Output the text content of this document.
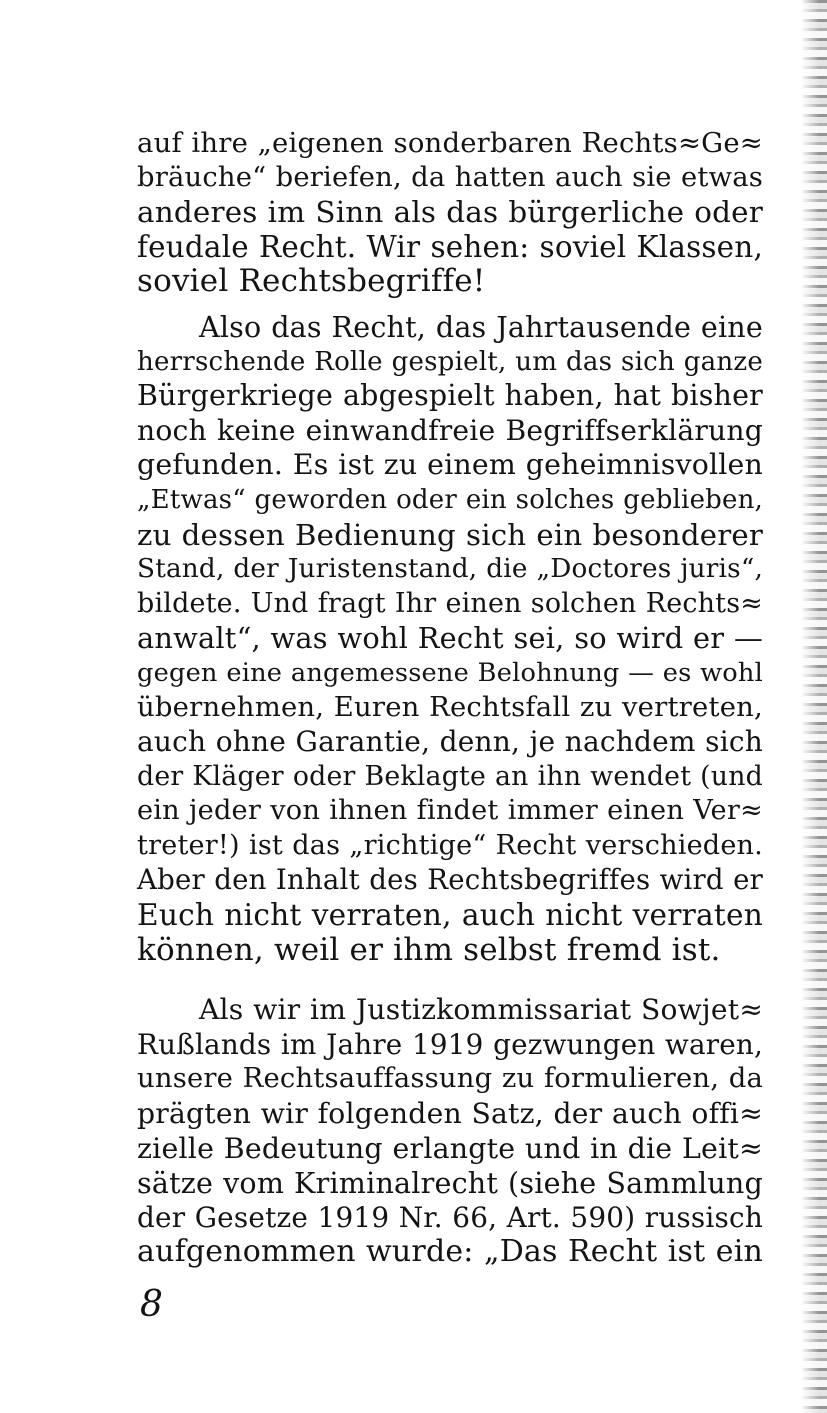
auf ihre „eigenen sonderbaren Rechts≈Ge≈
bräuche“ beriefen, da hatten auch sie etwas
anderes im Sinn als das bürgerliche oder
feudale Recht. Wir sehen: soviel Klassen,
soviel Rechtsbegriffe!

Also das Recht, das Jahrtausende eine
herrschende Rolle gespielt, um das sich ganze
Bürgerkriege abgespielt haben, hat bisher
noch keine einwandfreie Begriffserklärung
gefunden. Es ist zu einem geheimnisvollen
„Etwas“ geworden oder ein solches geblieben,
zu dessen Bedienung sich ein besonderer
Stand, der Juristenstand, die „Doctores juris“,
bildete. Und fragt Ihr einen solchen Rechts≈
anwalt“, was wohl Recht sei, so wird er —
gegen eine angemessene Belohnung — es wohl
übernehmen, Euren Rechtsfall zu vertreten,
auch ohne Garantie, denn, je nachdem sich
der Kläger oder Beklagte an ihn wendet (und
ein jeder von ihnen findet immer einen Ver≈
treter!) ist das „richtige“ Recht verschieden.
Aber den Inhalt des Rechtsbegriffes wird er
Euch nicht verraten, auch nicht verraten
können, weil er ihm selbst fremd ist.

Als wir im Justizkommissariat Sowjet≈
Rußlands im Jahre 1919 gezwungen waren,
unsere Rechtsauffassung zu formulieren, da
prägten wir folgenden Satz, der auch offi≈
zielle Bedeutung erlangte und in die Leit≈
sätze vom Kriminalrecht (siehe Sammlung
der Gesetze 1919 Nr. 66, Art. 590) russisch
aufgenommen wurde: „Das Recht ist ein

8
